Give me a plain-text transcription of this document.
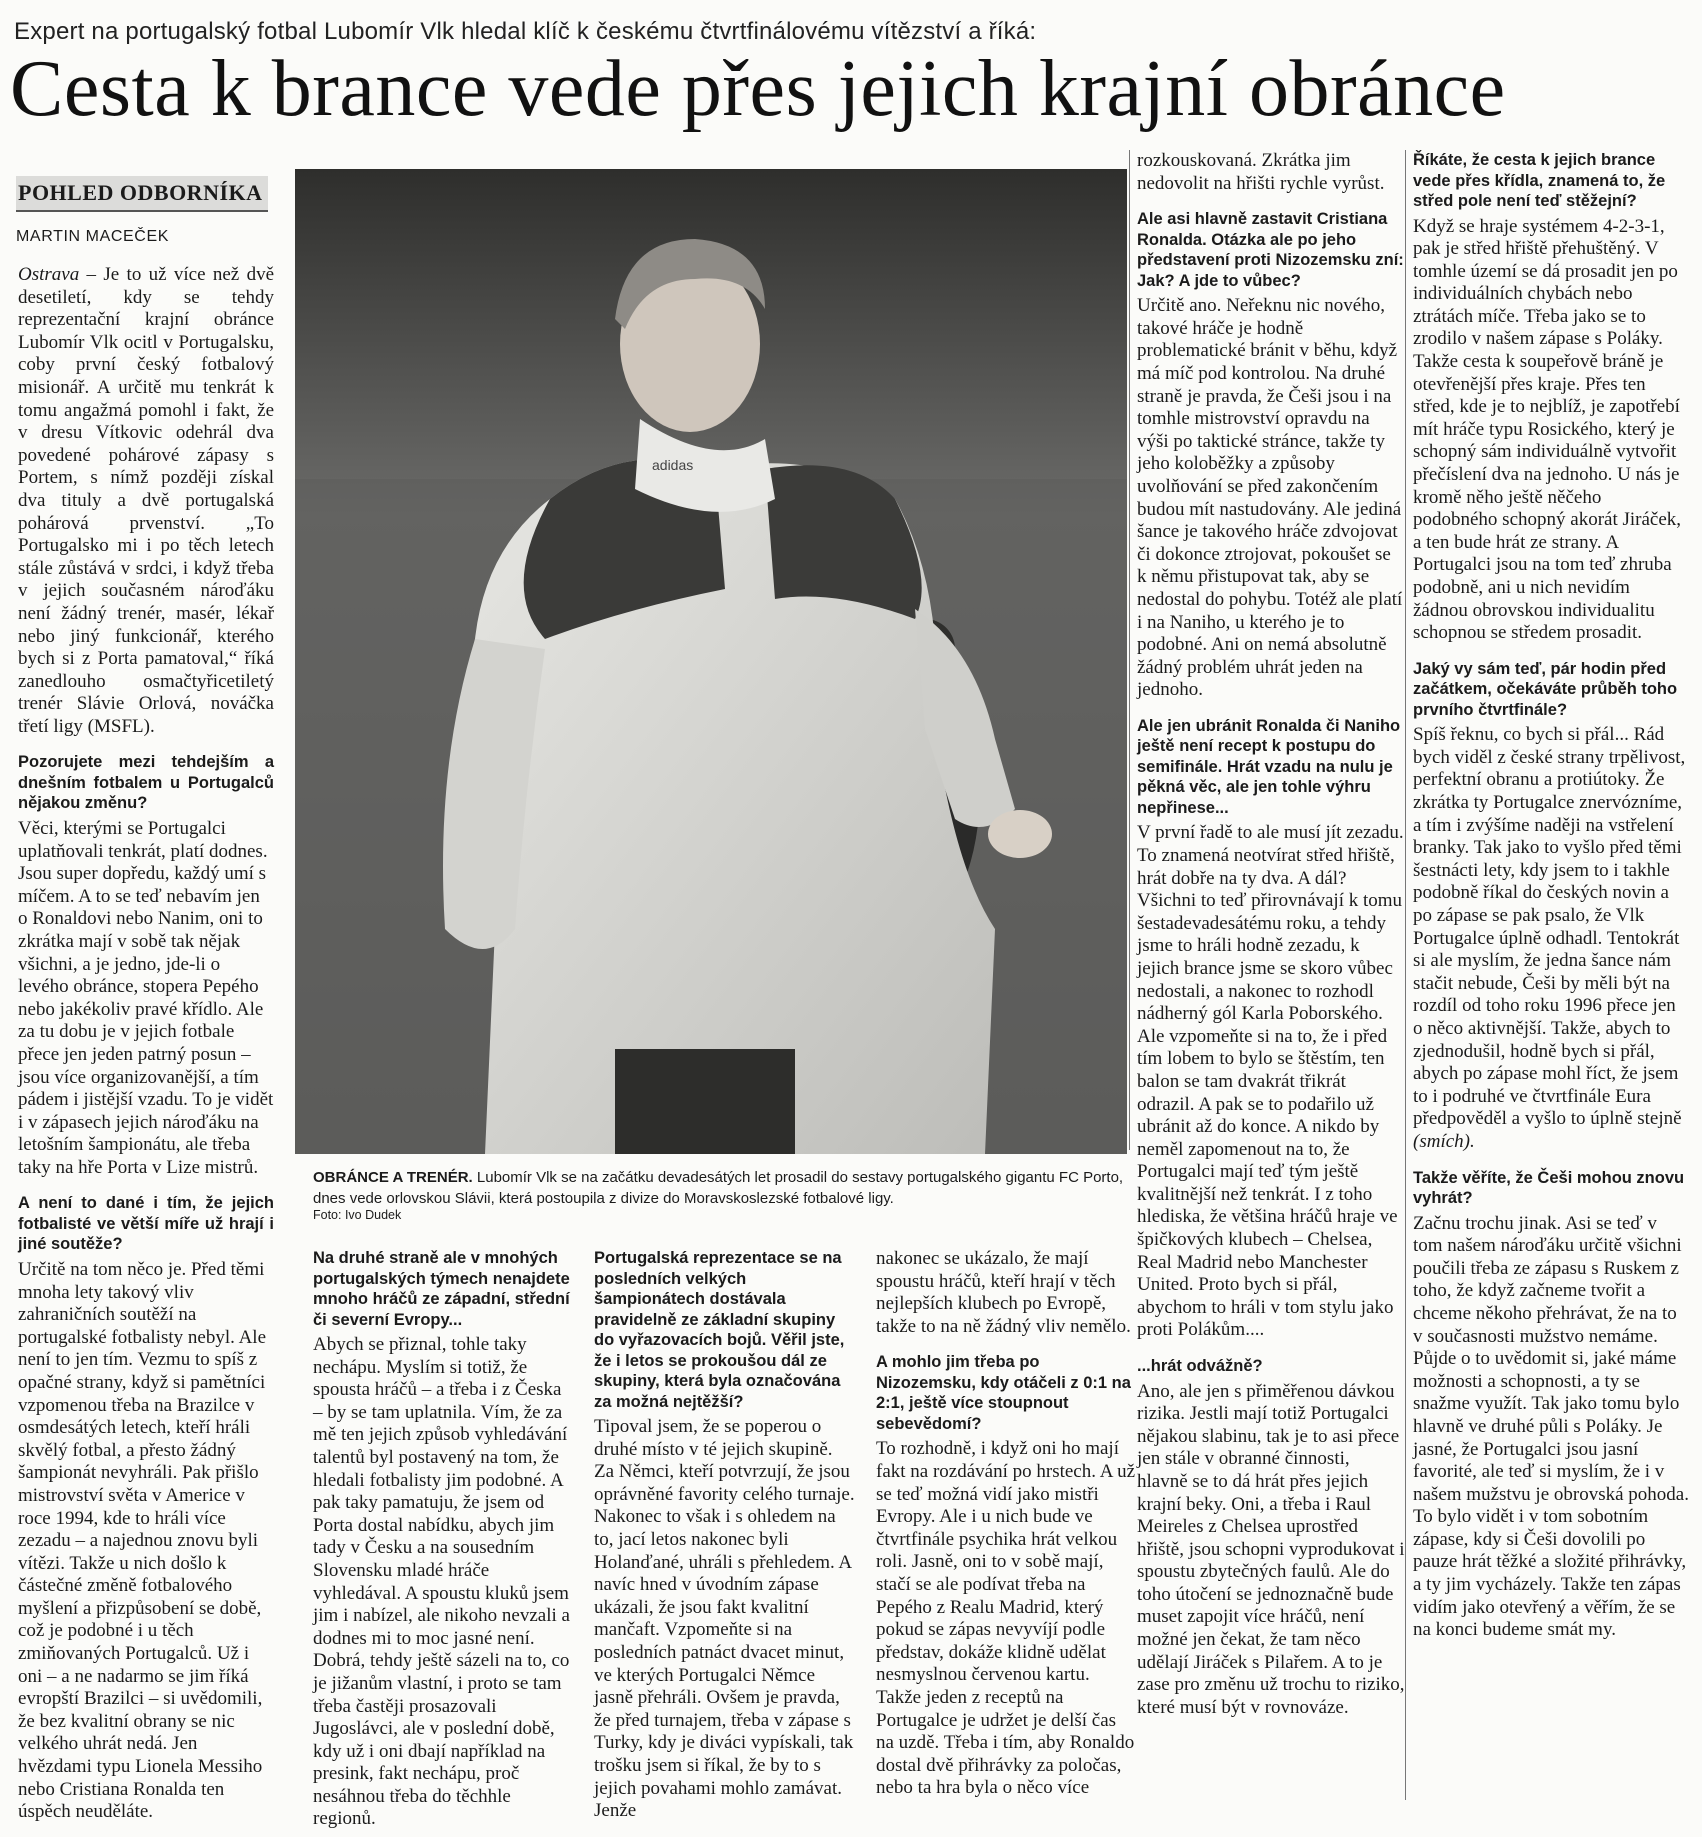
Expert na portugalský fotbal Lubomír Vlk hledal klíč k českému čtvrtfinálovému vítězství a říká:
Cesta k brance vede přes jejich krajní obránce
POHLED ODBORNÍKA
MARTIN MACEČEK

Ostrava – Je to už více než dvě desetiletí, kdy se tehdy reprezentační krajní obránce Lubomír Vlk ocitl v Portugalsku, coby první český fotbalový misionář. A určitě mu tenkrát k tomu angažmá pomohl i fakt, že v dresu Vítkovic odehrál dva povedené pohárové zápasy s Portem, s nímž později získal dva tituly a dvě portugalská pohárová prvenství. „To Portugalsko mi i po těch letech stále zůstává v srdci, i když třeba v jejich současném nároďáku není žádný trenér, masér, lékař nebo jiný funkcionář, kterého bych si z Porta pamatoval,“ říká zanedlouho osmačtyřicetiletý trenér Slávie Orlová, nováčka třetí ligy (MSFL).

Pozorujete mezi tehdejším a dnešním fotbalem u Portugalců nějakou změnu?

Věci, kterými se Portugalci uplatňovali tenkrát, platí dodnes. Jsou super dopředu, každý umí s míčem. A to se teď nebavím jen o Ronaldovi nebo Nanim, oni to zkrátka mají v sobě tak nějak všichni, a je jedno, jde-li o levého obránce, stopera Pepého nebo jakékoliv pravé křídlo. Ale za tu dobu je v jejich fotbale přece jen jeden patrný posun – jsou více organizovanější, a tím pádem i jistější vzadu. To je vidět i v zápasech jejich nároďáku na letošním šampionátu, ale třeba taky na hře Porta v Lize mistrů.

A není to dané i tím, že jejich fotbalisté ve větší míře už hrají i jiné soutěže?

Určitě na tom něco je. Před těmi mnoha lety takový vliv zahraničních soutěží na portugalské fotbalisty nebyl. Ale není to jen tím. Vezmu to spíš z opačné strany, když si pamětníci vzpomenou třeba na Brazilce v osmdesátých letech, kteří hráli skvělý fotbal, a přesto žádný šampionát nevyhráli. Pak přišlo mistrovství světa v Americe v roce 1994, kde to hráli více zezadu – a najednou znovu byli vítězi. Takže u nich došlo k částečné změně fotbalového myšlení a přizpůsobení se době, což je podobné i u těch zmiňovaných Portugalců. Už i oni – a ne nadarmo se jim říká evropští Brazilci – si uvědomili, že bez kvalitní obrany se nic velkého uhrát nedá. Jen hvězdami typu Lionela Messiho nebo Cristiana Ronalda ten úspěch neuděláte.

adidas
OBRÁNCE A TRENÉR. Lubomír Vlk se na začátku devadesátých let prosadil do sestavy portugalského gigantu FC Porto, dnes vede orlovskou Slávii, která postoupila z divize do Moravskoslezské fotbalové ligy.
Foto: Ivo Dudek
Na druhé straně ale v mnohých portugalských týmech nenajdete mnoho hráčů ze západní, střední či severní Evropy...

Abych se přiznal, tohle taky nechápu. Myslím si totiž, že spousta hráčů – a třeba i z Česka – by se tam uplatnila. Vím, že za mě ten jejich způsob vyhledávání talentů byl postavený na tom, že hledali fotbalisty jim podobné. A pak taky pamatuju, že jsem od Porta dostal nabídku, abych jim tady v Česku a na sousedním Slovensku mladé hráče vyhledával. A spoustu kluků jsem jim i nabízel, ale nikoho nevzali a dodnes mi to moc jasné není. Dobrá, tehdy ještě sázeli na to, co je jižanům vlastní, i proto se tam třeba častěji prosazovali Jugoslávci, ale v poslední době, kdy už i oni dbají například na presink, fakt nechápu, proč nesáhnou třeba do těchhle regionů.

Portugalská reprezentace se na posledních velkých šampionátech dostávala pravidelně ze základní skupiny do vyřazovacích bojů. Věřil jste, že i letos se prokoušou dál ze skupiny, která byla označována za možná nejtěžší?

Tipoval jsem, že se poperou o druhé místo v té jejich skupině. Za Němci, kteří potvrzují, že jsou oprávněné favority celého turnaje. Nakonec to však i s ohledem na to, jací letos nakonec byli Holanďané, uhráli s přehledem. A navíc hned v úvodním zápase ukázali, že jsou fakt kvalitní mančaft. Vzpomeňte si na posledních patnáct dvacet minut, ve kterých Portugalci Němce jasně přehráli. Ovšem je pravda, že před turnajem, třeba v zápase s Turky, kdy je diváci vypískali, tak trošku jsem si říkal, že by to s jejich povahami mohlo zamávat. Jenže

nakonec se ukázalo, že mají spoustu hráčů, kteří hrají v těch nejlepších klubech po Evropě, takže to na ně žádný vliv nemělo.

A mohlo jim třeba po Nizozemsku, kdy otáčeli z 0:1 na 2:1, ještě více stoupnout sebevědomí?

To rozhodně, i když oni ho mají fakt na rozdávání po hrstech. A už se teď možná vidí jako mistři Evropy. Ale i u nich bude ve čtvrtfinále psychika hrát velkou roli. Jasně, oni to v sobě mají, stačí se ale podívat třeba na Pepého z Realu Madrid, který pokud se zápas nevyvíjí podle představ, dokáže klidně udělat nesmyslnou červenou kartu. Takže jeden z receptů na Portugalce je udržet je delší čas na uzdě. Třeba i tím, aby Ronaldo dostal dvě přihrávky za poločas, nebo ta hra byla o něco více

rozkouskovaná. Zkrátka jim nedovolit na hřišti rychle vyrůst.

Ale asi hlavně zastavit Cristiana Ronalda. Otázka ale po jeho představení proti Nizozemsku zní: Jak? A jde to vůbec?

Určitě ano. Neřeknu nic nového, takové hráče je hodně problematické bránit v běhu, když má míč pod kontrolou. Na druhé straně je pravda, že Češi jsou i na tomhle mistrovství opravdu na výši po taktické stránce, takže ty jeho koloběžky a způsoby uvolňování se před zakončením budou mít nastudovány. Ale jediná šance je takového hráče zdvojovat či dokonce ztrojovat, pokoušet se k němu přistupovat tak, aby se nedostal do pohybu. Totéž ale platí i na Naniho, u kterého je to podobné. Ani on nemá absolutně žádný problém uhrát jeden na jednoho.

Ale jen ubránit Ronalda či Naniho ještě není recept k postupu do semifinále. Hrát vzadu na nulu je pěkná věc, ale jen tohle výhru nepřinese...

V první řadě to ale musí jít zezadu. To znamená neotvírat střed hřiště, hrát dobře na ty dva. A dál? Všichni to teď přirovnávají k tomu šestadevadesátému roku, a tehdy jsme to hráli hodně zezadu, k jejich brance jsme se skoro vůbec nedostali, a nakonec to rozhodl nádherný gól Karla Poborského. Ale vzpomeňte si na to, že i před tím lobem to bylo se štěstím, ten balon se tam dvakrát třikrát odrazil. A pak se to podařilo už ubránit až do konce. A nikdo by neměl zapomenout na to, že Portugalci mají teď tým ještě kvalitnější než tenkrát. I z toho hlediska, že většina hráčů hraje ve špičkových klubech – Chelsea, Real Madrid nebo Manchester United. Proto bych si přál, abychom to hráli v tom stylu jako proti Polákům....

...hrát odvážně?

Ano, ale jen s přiměřenou dávkou rizika. Jestli mají totiž Portugalci nějakou slabinu, tak je to asi přece jen stále v obranné činnosti, hlavně se to dá hrát přes jejich krajní beky. Oni, a třeba i Raul Meireles z Chelsea uprostřed hřiště, jsou schopni vyprodukovat i spoustu zbytečných faulů. Ale do toho útočení se jednoznačně bude muset zapojit více hráčů, není možné jen čekat, že tam něco udělají Jiráček s Pilařem. A to je zase pro změnu už trochu to riziko, které musí být v rovnováze.

Říkáte, že cesta k jejich brance vede přes křídla, znamená to, že střed pole není teď stěžejní?

Když se hraje systémem 4-2-3-1, pak je střed hřiště přehuštěný. V tomhle území se dá prosadit jen po individuálních chybách nebo ztrátách míče. Třeba jako se to zrodilo v našem zápase s Poláky. Takže cesta k soupeřově bráně je otevřenější přes kraje. Přes ten střed, kde je to nejblíž, je zapotřebí mít hráče typu Rosického, který je schopný sám individuálně vytvořit přečíslení dva na jednoho. U nás je kromě něho ještě něčeho podobného schopný akorát Jiráček, a ten bude hrát ze strany. A Portugalci jsou na tom teď zhruba podobně, ani u nich nevidím žádnou obrovskou individualitu schopnou se středem prosadit.

Jaký vy sám teď, pár hodin před začátkem, očekáváte průběh toho prvního čtvrtfinále?

Spíš řeknu, co bych si přál... Rád bych viděl z české strany trpělivost, perfektní obranu a protiútoky. Že zkrátka ty Portugalce znervózníme, a tím i zvýšíme naději na vstřelení branky. Tak jako to vyšlo před těmi šestnácti lety, kdy jsem to i takhle podobně říkal do českých novin a po zápase se pak psalo, že Vlk Portugalce úplně odhadl. Tentokrát si ale myslím, že jedna šance nám stačit nebude, Češi by měli být na rozdíl od toho roku 1996 přece jen o něco aktivnější. Takže, abych to zjednodušil, hodně bych si přál, abych po zápase mohl říct, že jsem to i podruhé ve čtvrtfinále Eura předpověděl a vyšlo to úplně stejně (smích).

Takže věříte, že Češi mohou znovu vyhrát?

Začnu trochu jinak. Asi se teď v tom našem nároďáku určitě všichni poučili třeba ze zápasu s Ruskem z toho, že když začneme tvořit a chceme někoho přehrávat, že na to v současnosti mužstvo nemáme. Půjde o to uvědomit si, jaké máme možnosti a schopnosti, a ty se snažme využít. Tak jako tomu bylo hlavně ve druhé půli s Poláky. Je jasné, že Portugalci jsou jasní favorité, ale teď si myslím, že i v našem mužstvu je obrovská pohoda. To bylo vidět i v tom sobotním zápase, kdy si Češi dovolili po pauze hrát těžké a složité přihrávky, a ty jim vycházely. Takže ten zápas vidím jako otevřený a věřím, že se na konci budeme smát my.
